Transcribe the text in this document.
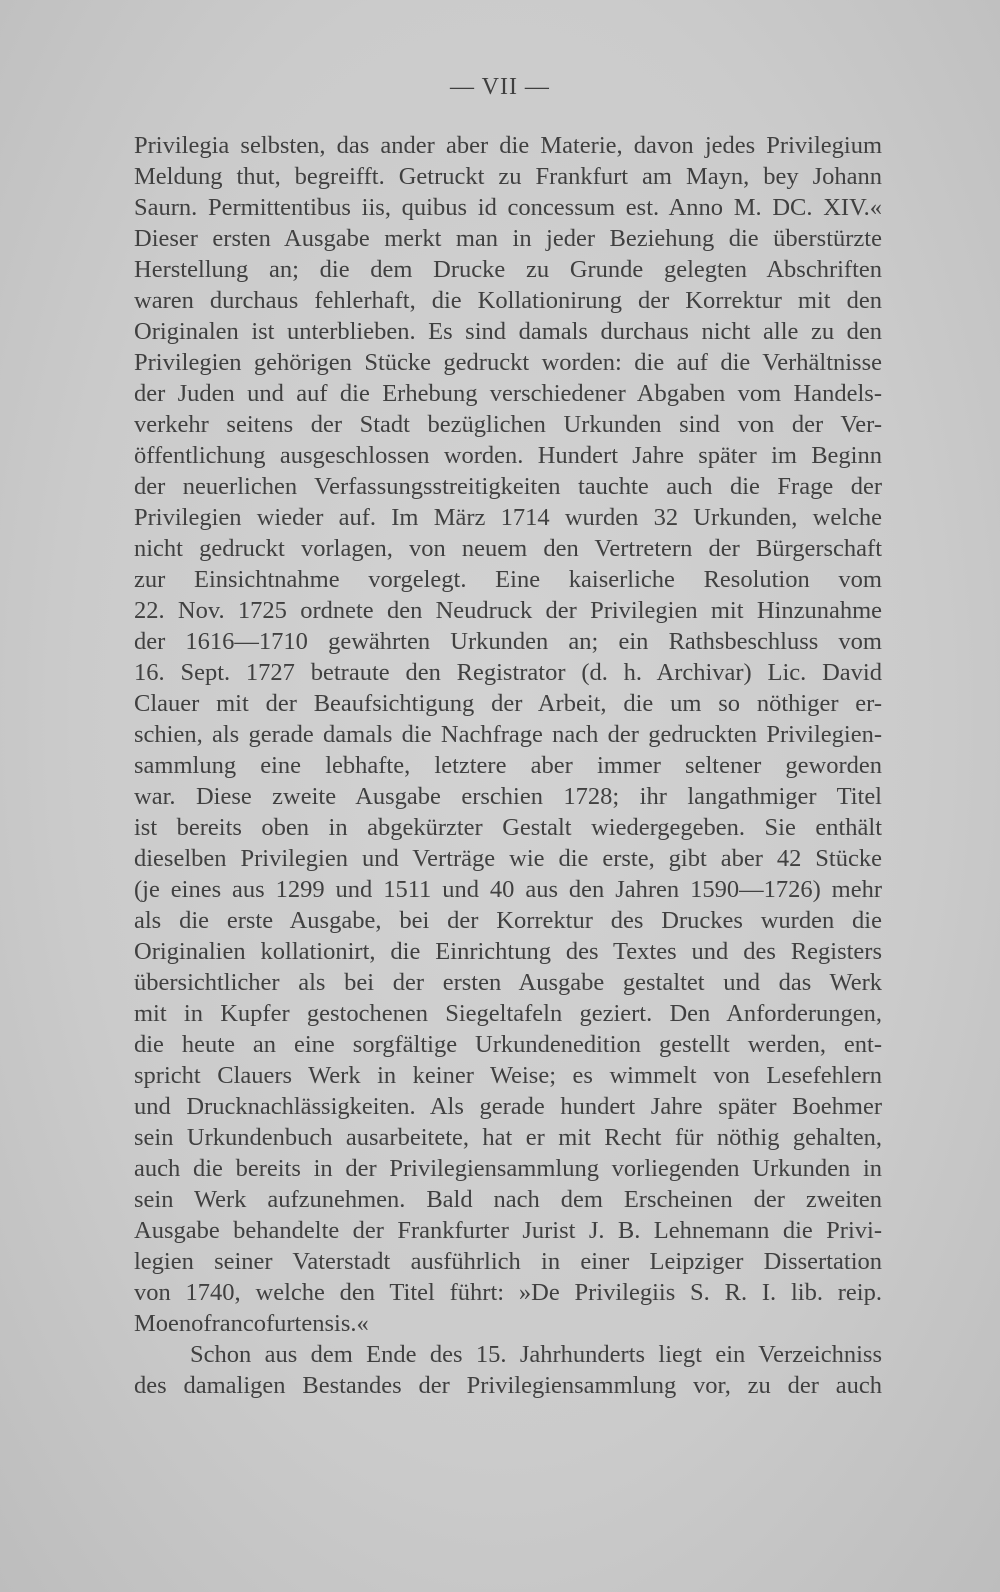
— VII —
Privilegia selbsten, das ander aber die Materie, davon jedes Privilegium
Meldung thut, begreifft. Getruckt zu Frankfurt am Mayn, bey Johann
Saurn. Permittentibus iis, quibus id concessum est. Anno M. DC. XIV.«
Dieser ersten Ausgabe merkt man in jeder Beziehung die überstürzte
Herstellung an; die dem Drucke zu Grunde gelegten Abschriften
waren durchaus fehlerhaft, die Kollationirung der Korrektur mit den
Originalen ist unterblieben. Es sind damals durchaus nicht alle zu den
Privilegien gehörigen Stücke gedruckt worden: die auf die Verhältnisse
der Juden und auf die Erhebung verschiedener Abgaben vom Handels-
verkehr seitens der Stadt bezüglichen Urkunden sind von der Ver-
öffentlichung ausgeschlossen worden. Hundert Jahre später im Beginn
der neuerlichen Verfassungsstreitigkeiten tauchte auch die Frage der
Privilegien wieder auf. Im März 1714 wurden 32 Urkunden, welche
nicht gedruckt vorlagen, von neuem den Vertretern der Bürgerschaft
zur Einsichtnahme vorgelegt. Eine kaiserliche Resolution vom
22. Nov. 1725 ordnete den Neudruck der Privilegien mit Hinzunahme
der 1616—1710 gewährten Urkunden an; ein Rathsbeschluss vom
16. Sept. 1727 betraute den Registrator (d. h. Archivar) Lic. David
Clauer mit der Beaufsichtigung der Arbeit, die um so nöthiger er-
schien, als gerade damals die Nachfrage nach der gedruckten Privilegien-
sammlung eine lebhafte, letztere aber immer seltener geworden
war. Diese zweite Ausgabe erschien 1728; ihr langathmiger Titel
ist bereits oben in abgekürzter Gestalt wiedergegeben. Sie enthält
dieselben Privilegien und Verträge wie die erste, gibt aber 42 Stücke
(je eines aus 1299 und 1511 und 40 aus den Jahren 1590—1726) mehr
als die erste Ausgabe, bei der Korrektur des Druckes wurden die
Originalien kollationirt, die Einrichtung des Textes und des Registers
übersichtlicher als bei der ersten Ausgabe gestaltet und das Werk
mit in Kupfer gestochenen Siegeltafeln geziert. Den Anforderungen,
die heute an eine sorgfältige Urkundenedition gestellt werden, ent-
spricht Clauers Werk in keiner Weise; es wimmelt von Lesefehlern
und Drucknachlässigkeiten. Als gerade hundert Jahre später Boehmer
sein Urkundenbuch ausarbeitete, hat er mit Recht für nöthig gehalten,
auch die bereits in der Privilegiensammlung vorliegenden Urkunden in
sein Werk aufzunehmen. Bald nach dem Erscheinen der zweiten
Ausgabe behandelte der Frankfurter Jurist J. B. Lehnemann die Privi-
legien seiner Vaterstadt ausführlich in einer Leipziger Dissertation
von 1740, welche den Titel führt: »De Privilegiis S. R. I. lib. reip.
Moenofrancofurtensis.«
Schon aus dem Ende des 15. Jahrhunderts liegt ein Verzeichniss
des damaligen Bestandes der Privilegiensammlung vor, zu der auch
